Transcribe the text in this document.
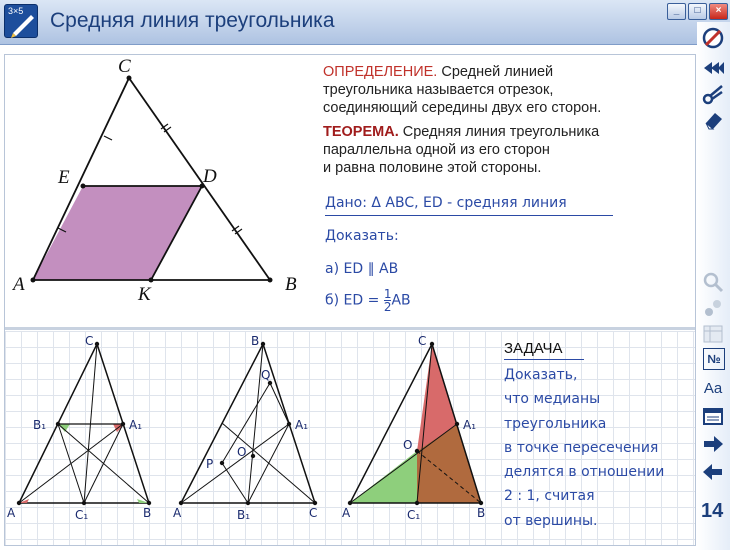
3×5 Средняя линия треугольника	_	□	×
№
Aa
14
C
A	B
E	D
K
ОПРЕДЕЛЕНИЕ. Средней линией
треугольника называется отрезок,
соединяющий середины двух его сторон.
ТЕОРЕМА. Средняя линия треугольника
параллельна одной из его сторон
и равна половине этой стороны.
Дано: Δ ABC, ED - средняя линия
Доказать:
а) ED ∥ AB
б) ED = $\frac{1}{2}AB$
C
A	B
B₁	A₁
C₁
B
A	C
A₁
B₁
O
P
Q
C
A	B
A₁
C₁
O
ЗАДАЧА
Доказать,
что медианы
треугольника
в точке пересечения
делятся в отношении
2 : 1, считая
от вершины.
